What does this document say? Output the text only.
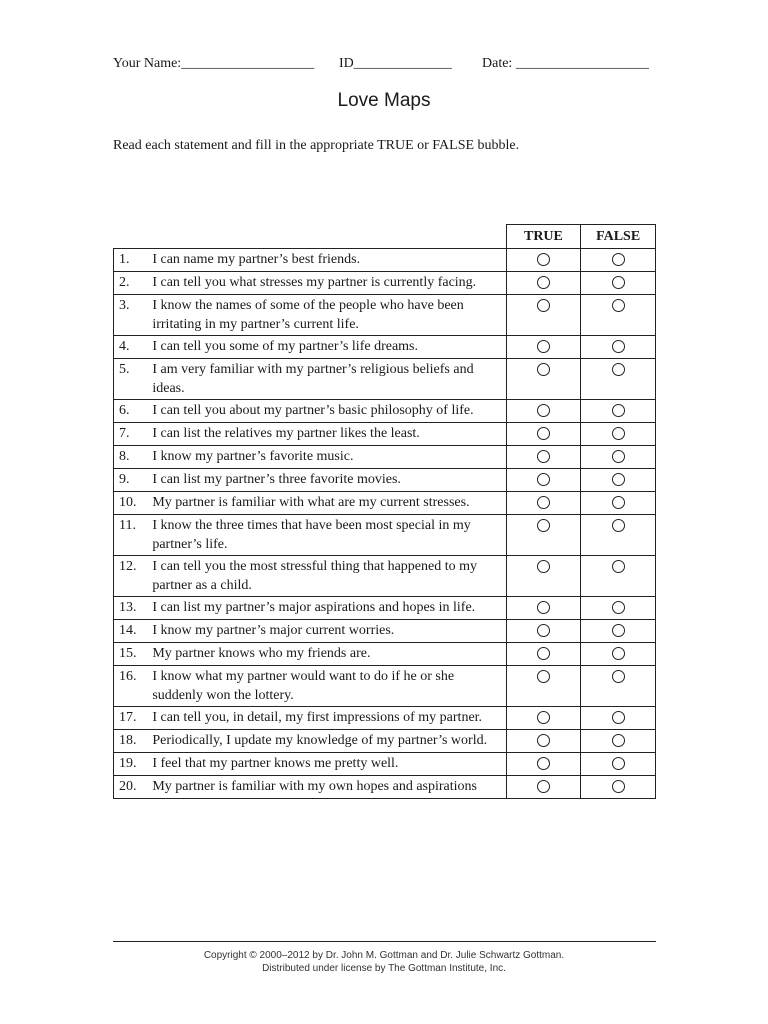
Your Name:___________________ ID______________ Date: ___________________
Love Maps
Read each statement and fill in the appropriate TRUE or FALSE bubble.
		TRUE	FALSE
1.	I can name my partner’s best friends.		
2.	I can tell you what stresses my partner is currently facing.		
3.	I know the names of some of the people who have been irritating in my partner’s current life.		
4.	I can tell you some of my partner’s life dreams.		
5.	I am very familiar with my partner’s religious beliefs and ideas.		
6.	I can tell you about my partner’s basic philosophy of life.		
7.	I can list the relatives my partner likes the least.		
8.	I know my partner’s favorite music.		
9.	I can list my partner’s three favorite movies.		
10.	My partner is familiar with what are my current stresses.		
11.	I know the three times that have been most special in my partner’s life.		
12.	I can tell you the most stressful thing that happened to my partner as a child.		
13.	I can list my partner’s major aspirations and hopes in life.		
14.	I know my partner’s major current worries.		
15.	My partner knows who my friends are.		
16.	I know what my partner would want to do if he or she suddenly won the lottery.		
17.	I can tell you, in detail, my first impressions of my partner.		
18.	Periodically, I update my knowledge of my partner’s world.		
19.	I feel that my partner knows me pretty well.		
20.	My partner is familiar with my own hopes and aspirations		
Copyright © 2000–2012 by Dr. John M. Gottman and Dr. Julie Schwartz Gottman.
Distributed under license by The Gottman Institute, Inc.
